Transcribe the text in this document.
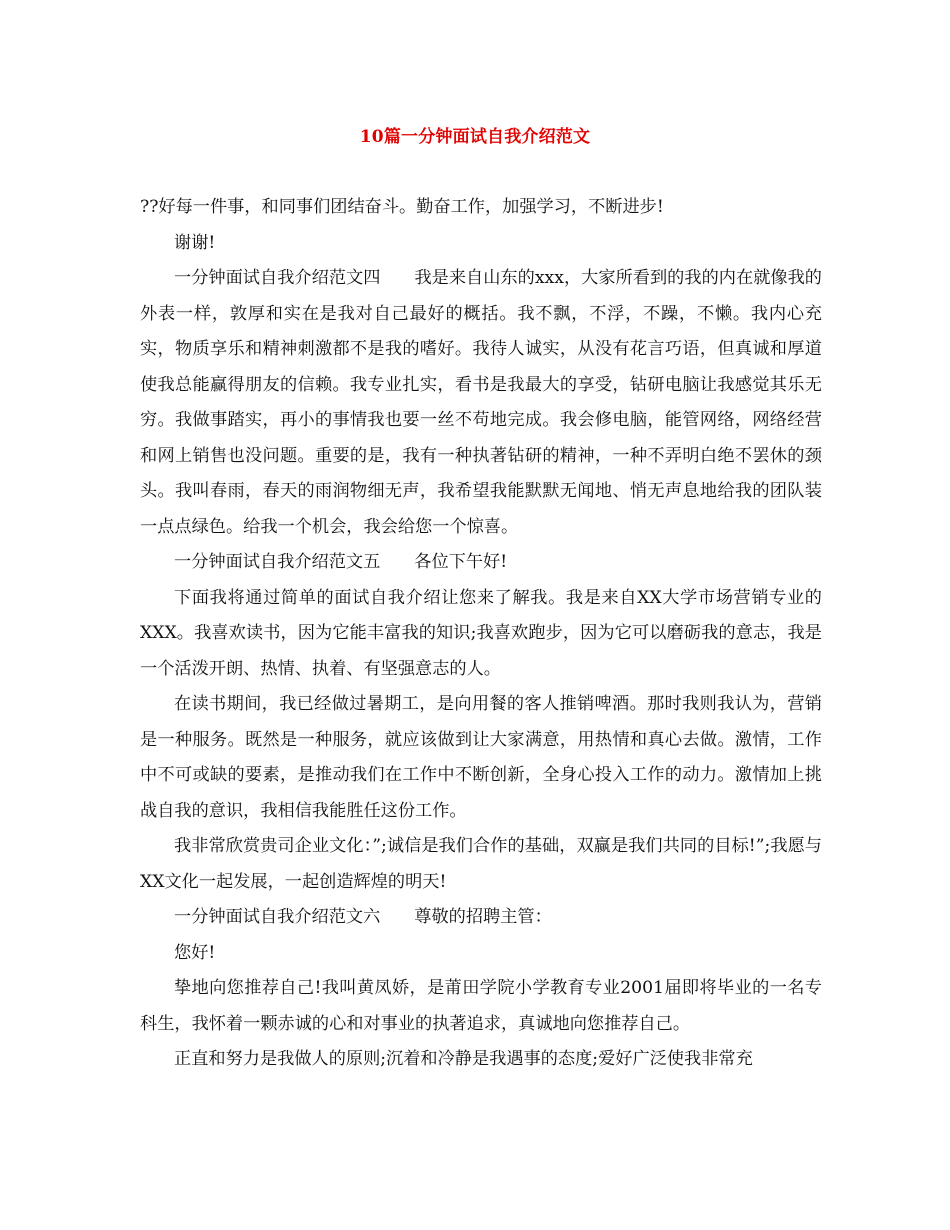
10篇一分钟面试自我介绍范文

??好每一件事，和同事们团结奋斗。勤奋工作，加强学习，不断进步!

谢谢!

一分钟面试自我介绍范文四 我是来自山东的xxx，大家所看到的我的内在就像我的外表一样，敦厚和实在是我对自己最好的概括。我不飘，不浮，不躁，不懒。我内心充实，物质享乐和精神刺激都不是我的嗜好。我待人诚实，从没有花言巧语，但真诚和厚道使我总能赢得朋友的信赖。我专业扎实，看书是我最大的享受，钻研电脑让我感觉其乐无穷。我做事踏实，再小的事情我也要一丝不苟地完成。我会修电脑，能管网络，网络经营和网上销售也没问题。重要的是，我有一种执著钻研的精神，一种不弄明白绝不罢休的颈头。我叫春雨，春天的雨润物细无声，我希望我能默默无闻地、悄无声息地给我的团队装一点点绿色。给我一个机会，我会给您一个惊喜。

一分钟面试自我介绍范文五 各位下午好!

下面我将通过简单的面试自我介绍让您来了解我。我是来自XX大学市场营销专业的XXX。我喜欢读书，因为它能丰富我的知识;我喜欢跑步，因为它可以磨砺我的意志，我是一个活泼开朗、热情、执着、有坚强意志的人。

在读书期间，我已经做过暑期工，是向用餐的客人推销啤酒。那时我则我认为，营销是一种服务。既然是一种服务，就应该做到让大家满意，用热情和真心去做。激情，工作中不可或缺的要素，是推动我们在工作中不断创新，全身心投入工作的动力。激情加上挑战自我的意识，我相信我能胜任这份工作。

我非常欣赏贵司企业文化：”;诚信是我们合作的基础，双赢是我们共同的目标!”;我愿与XX文化一起发展，一起创造辉煌的明天!

一分钟面试自我介绍范文六 尊敬的招聘主管：

您好!

挚地向您推荐自己!我叫黄凤娇，是莆田学院小学教育专业2001届即将毕业的一名专科生，我怀着一颗赤诚的心和对事业的执著追求，真诚地向您推荐自己。

正直和努力是我做人的原则;沉着和冷静是我遇事的态度;爱好广泛使我非常充
